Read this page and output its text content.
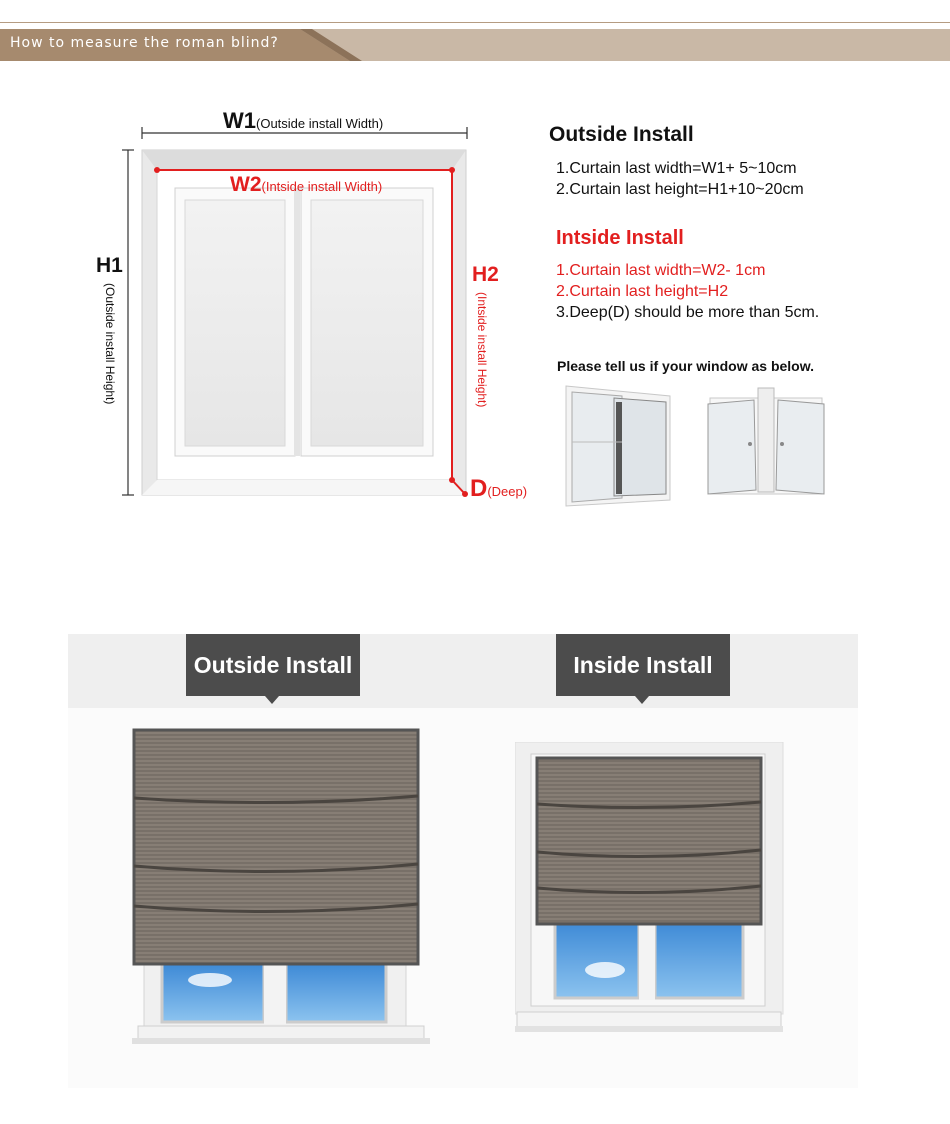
How to measure the roman blind?
W1(Outside install Width)
W2(Intside install Width)
H1
(Outside install Height)
H2
(Intside install Height)
D(Deep)
Outside Install
1.Curtain last width=W1+ 5~10cm
2.Curtain last height=H1+10~20cm
Intside Install
1.Curtain last width=W2- 1cm
2.Curtain last height=H2
3.Deep(D) should be more than 5cm.
Please tell us if your window as below.
Outside Install	Inside Install
